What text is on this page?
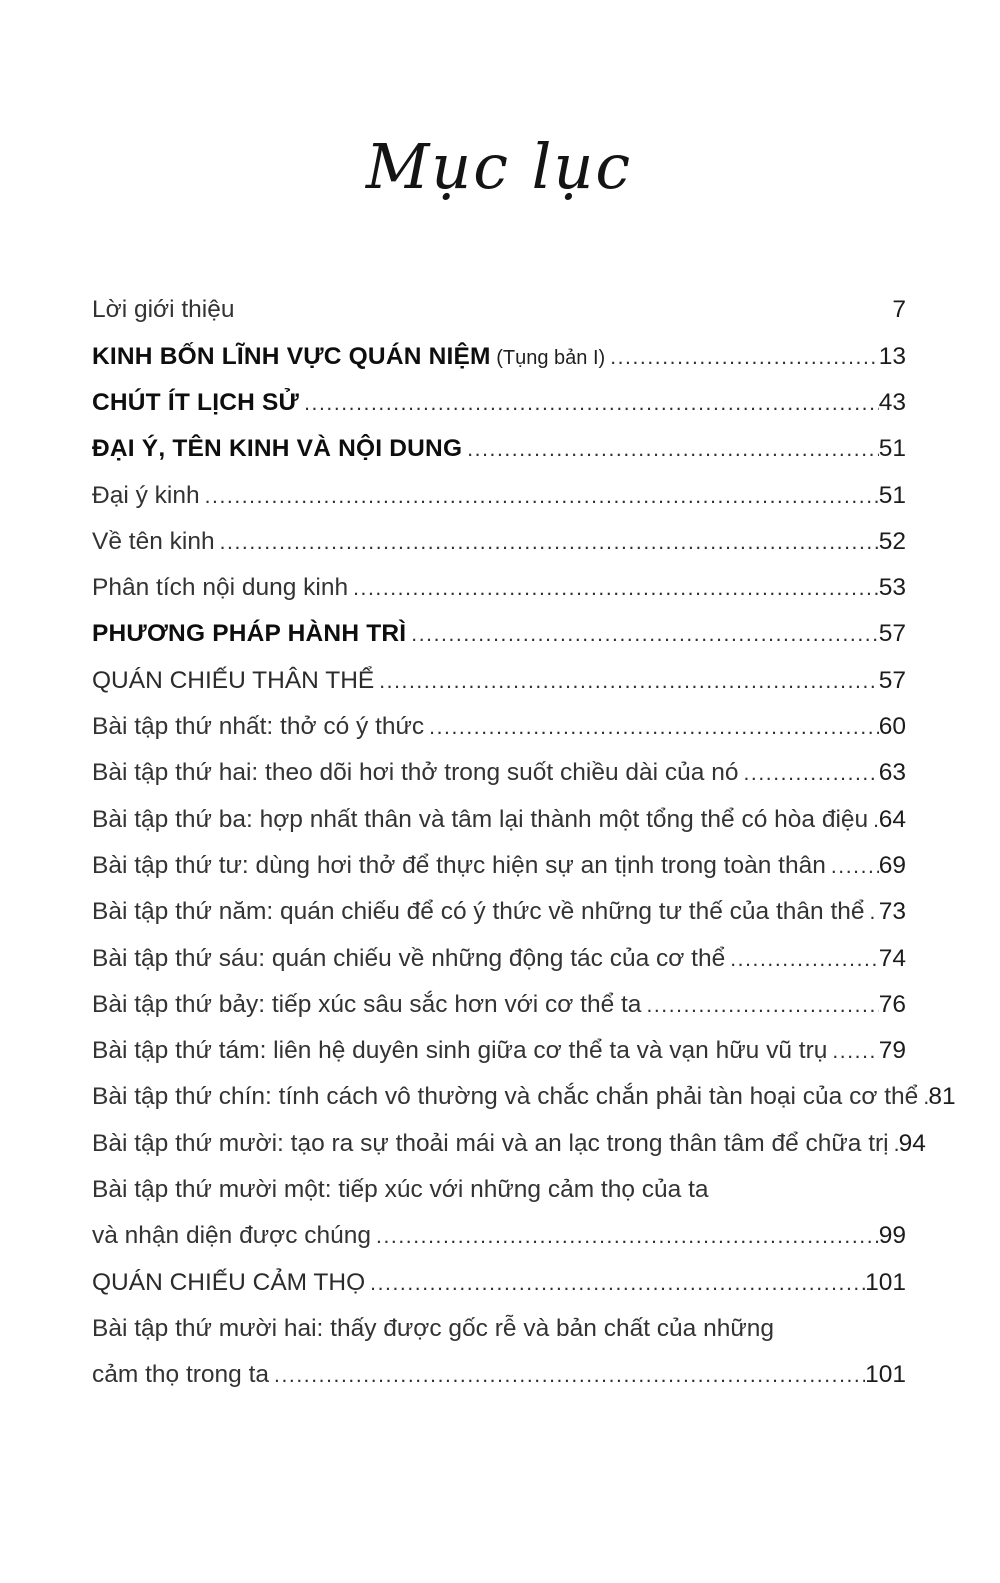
Mục lục
Lời giới thiệu	7
KINH BỐN LĨNH VỰC QUÁN NIỆM (Tụng bản I) .....	13
CHÚT ÍT LỊCH SỬ .....	43
ĐẠI Ý, TÊN KINH VÀ NỘI DUNG .....	51
Đại ý kinh .....	51
Về tên kinh .....	52
Phân tích nội dung kinh .....	53
PHƯƠNG PHÁP HÀNH TRÌ .....	57
QUÁN CHIẾU THÂN THỂ .....	57
Bài tập thứ nhất: thở có ý thức .....	60
Bài tập thứ hai: theo dõi hơi thở trong suốt chiều dài của nó .....	63
Bài tập thứ ba: hợp nhất thân và tâm lại thành một tổng thể có hòa điệu ..... 64
Bài tập thứ tư: dùng hơi thở để thực hiện sự an tịnh trong toàn thân ..... 69
Bài tập thứ năm: quán chiếu để có ý thức về những tư thế của thân thể ..... 73
Bài tập thứ sáu: quán chiếu về những động tác của cơ thể .....	74
Bài tập thứ bảy: tiếp xúc sâu sắc hơn với cơ thể ta .....	76
Bài tập thứ tám: liên hệ duyên sinh giữa cơ thể ta và vạn hữu vũ trụ ..... 79
Bài tập thứ chín: tính cách vô thường và chắc chắn phải tàn hoại của cơ thể ..... 81
Bài tập thứ mười: tạo ra sự thoải mái và an lạc trong thân tâm để chữa trị ..... 94
Bài tập thứ mười một: tiếp xúc với những cảm thọ của ta
và nhận diện được chúng .....	99
QUÁN CHIẾU CẢM THỌ .....	101
Bài tập thứ mười hai: thấy được gốc rễ và bản chất của những
cảm thọ trong ta .....	101
